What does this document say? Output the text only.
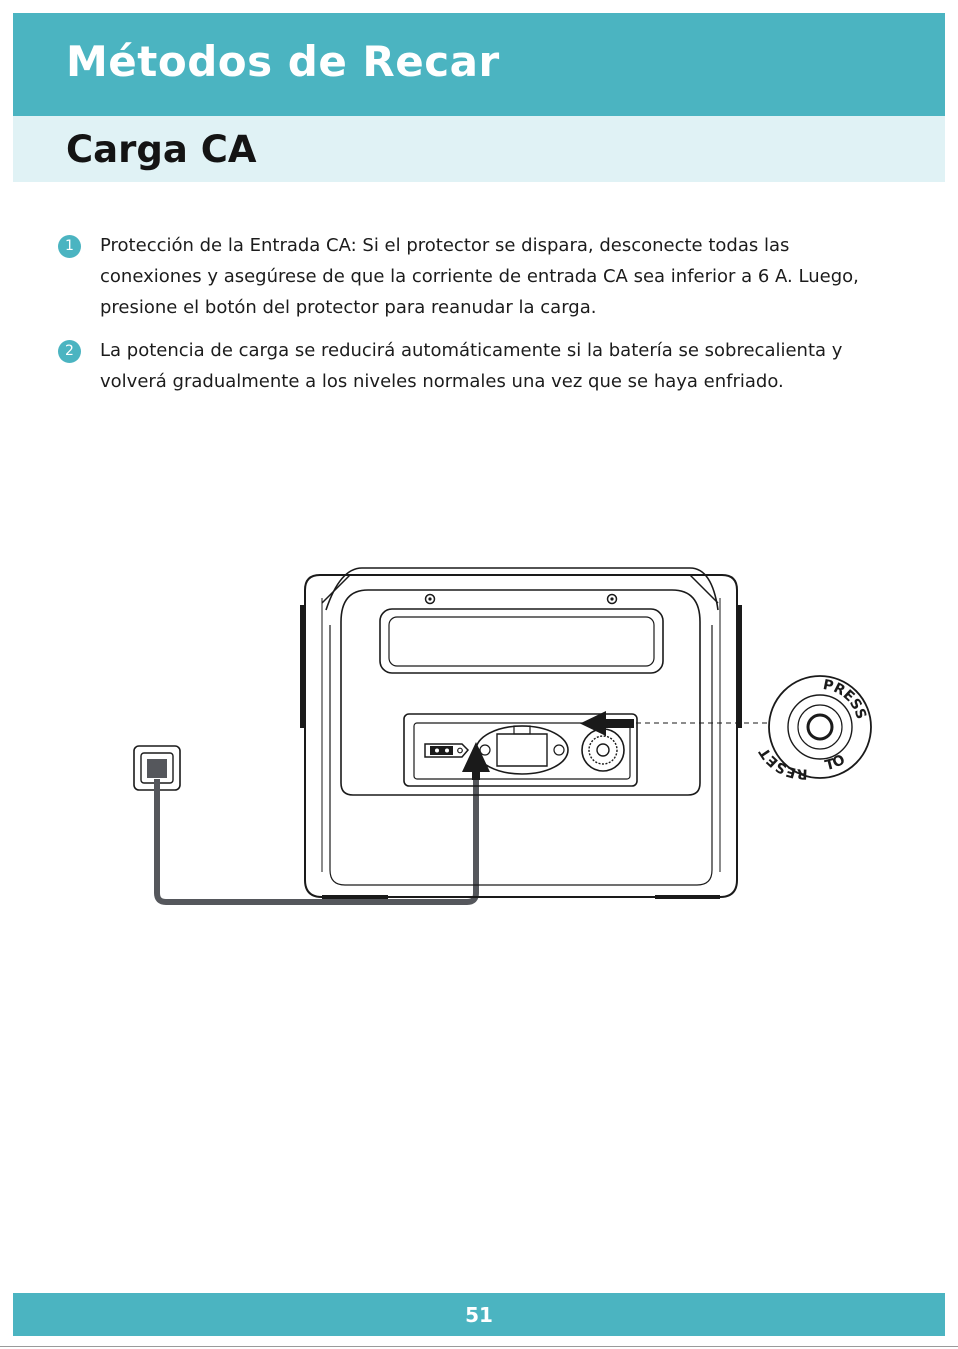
Métodos de Recar
Carga CA
1	Protección de la Entrada CA: Si el protector se dispara, desconecte todas las conexiones y asegúrese de que la corriente de entrada CA sea inferior a 6 A. Luego, presione el botón del protector para reanudar la carga.

2	La potencia de carga se reducirá automáticamente si la batería se sobrecalienta y volverá gradualmente a los niveles normales una vez que se haya enfriado.

PRESS
RESET
TO
51
